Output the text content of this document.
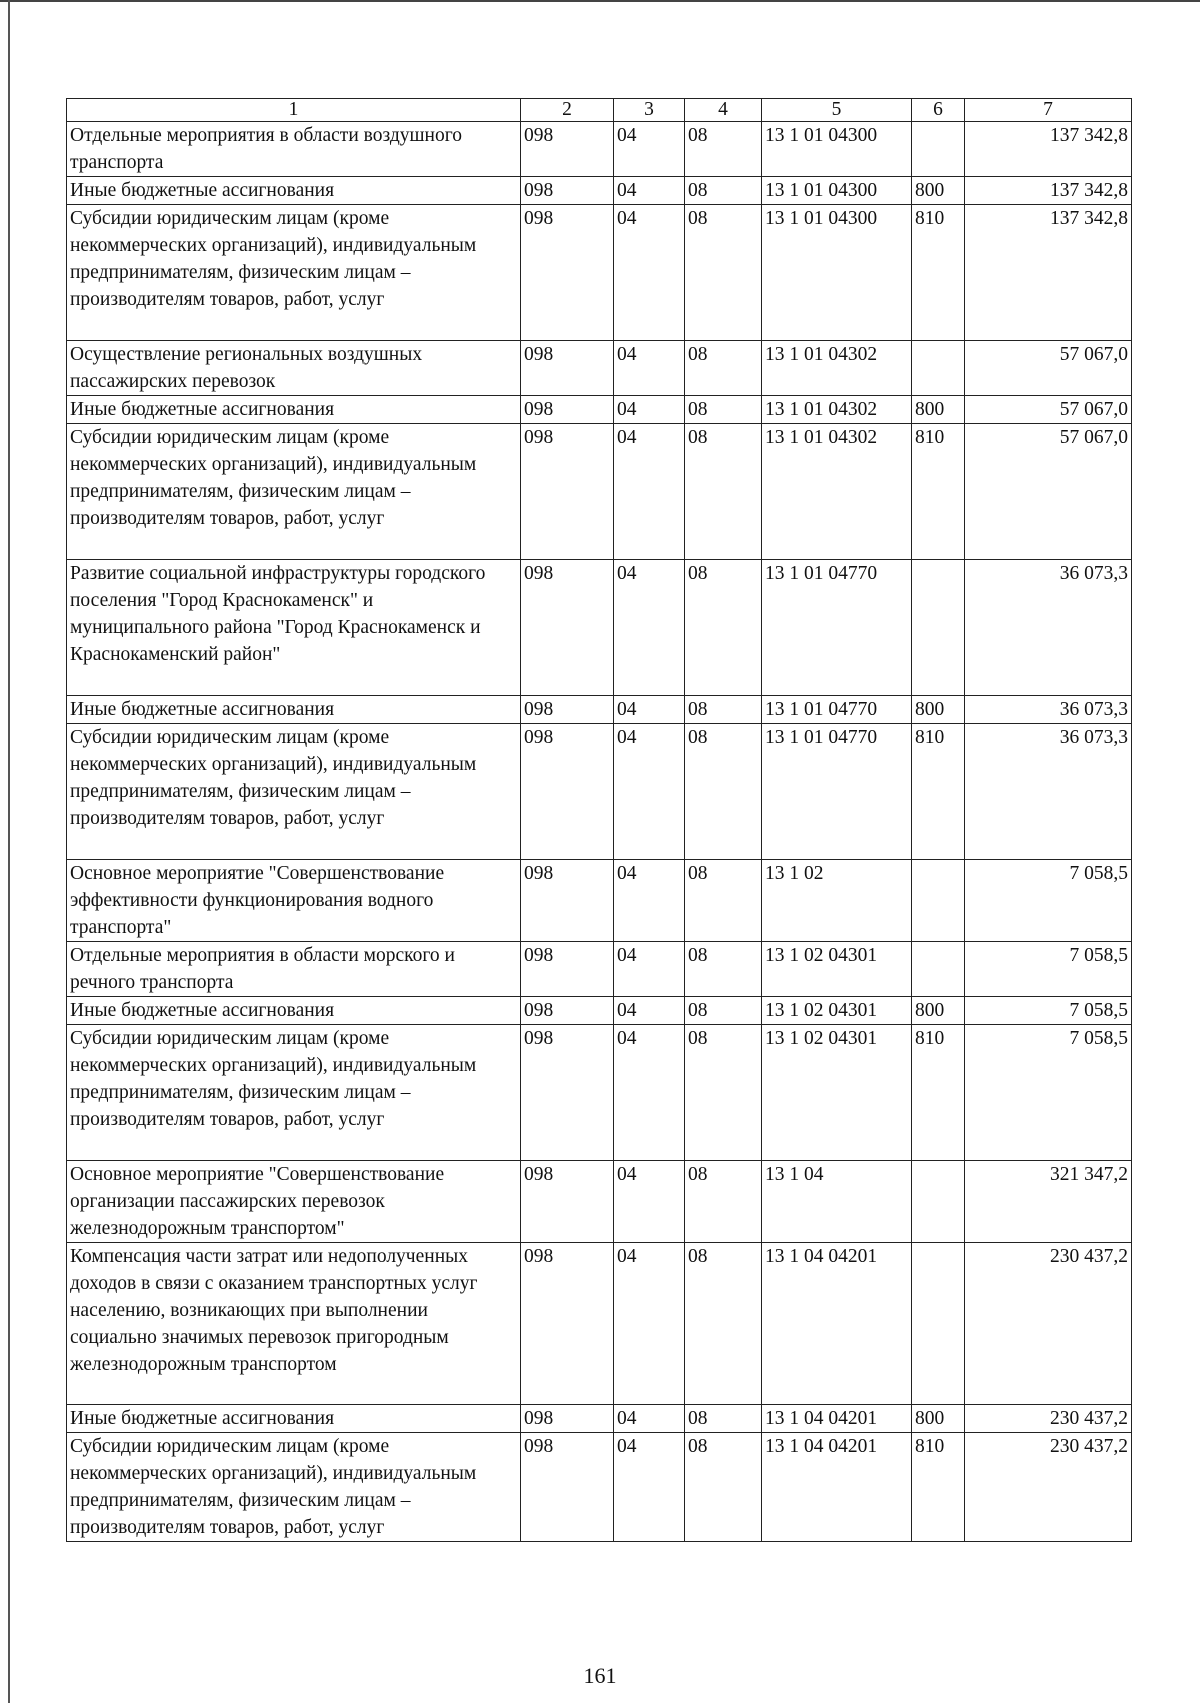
1	2	3	4	5	6	7
Отдельные мероприятия в области воздушного транспорта	098	04	08	13 1 01 04300		137 342,8
Иные бюджетные ассигнования	098	04	08	13 1 01 04300	800	137 342,8
Субсидии юридическим лицам (кроме некоммерческих организаций), индивидуальным предпринимателям, физическим лицам – производителям товаров, работ, услуг	098	04	08	13 1 01 04300	810	137 342,8
Осуществление региональных воздушных пассажирских перевозок	098	04	08	13 1 01 04302		57 067,0
Иные бюджетные ассигнования	098	04	08	13 1 01 04302	800	57 067,0
Субсидии юридическим лицам (кроме некоммерческих организаций), индивидуальным предпринимателям, физическим лицам – производителям товаров, работ, услуг	098	04	08	13 1 01 04302	810	57 067,0
Развитие социальной инфраструктуры городского поселения "Город Краснокаменск" и муниципального района "Город Краснокаменск и Краснокаменский район"	098	04	08	13 1 01 04770		36 073,3
Иные бюджетные ассигнования	098	04	08	13 1 01 04770	800	36 073,3
Субсидии юридическим лицам (кроме некоммерческих организаций), индивидуальным предпринимателям, физическим лицам – производителям товаров, работ, услуг	098	04	08	13 1 01 04770	810	36 073,3
Основное мероприятие "Совершенствование эффективности функционирования водного транспорта"	098	04	08	13 1 02		7 058,5
Отдельные мероприятия в области морского и речного транспорта	098	04	08	13 1 02 04301		7 058,5
Иные бюджетные ассигнования	098	04	08	13 1 02 04301	800	7 058,5
Субсидии юридическим лицам (кроме некоммерческих организаций), индивидуальным предпринимателям, физическим лицам – производителям товаров, работ, услуг	098	04	08	13 1 02 04301	810	7 058,5
Основное мероприятие "Совершенствование организации пассажирских перевозок железнодорожным транспортом"	098	04	08	13 1 04		321 347,2
Компенсация части затрат или недополученных доходов в связи с оказанием транспортных услуг населению, возникающих при выполнении социально значимых перевозок пригородным железнодорожным транспортом	098	04	08	13 1 04 04201		230 437,2
Иные бюджетные ассигнования	098	04	08	13 1 04 04201	800	230 437,2
Субсидии юридическим лицам (кроме некоммерческих организаций), индивидуальным предпринимателям, физическим лицам – производителям товаров, работ, услуг	098	04	08	13 1 04 04201	810	230 437,2
161
